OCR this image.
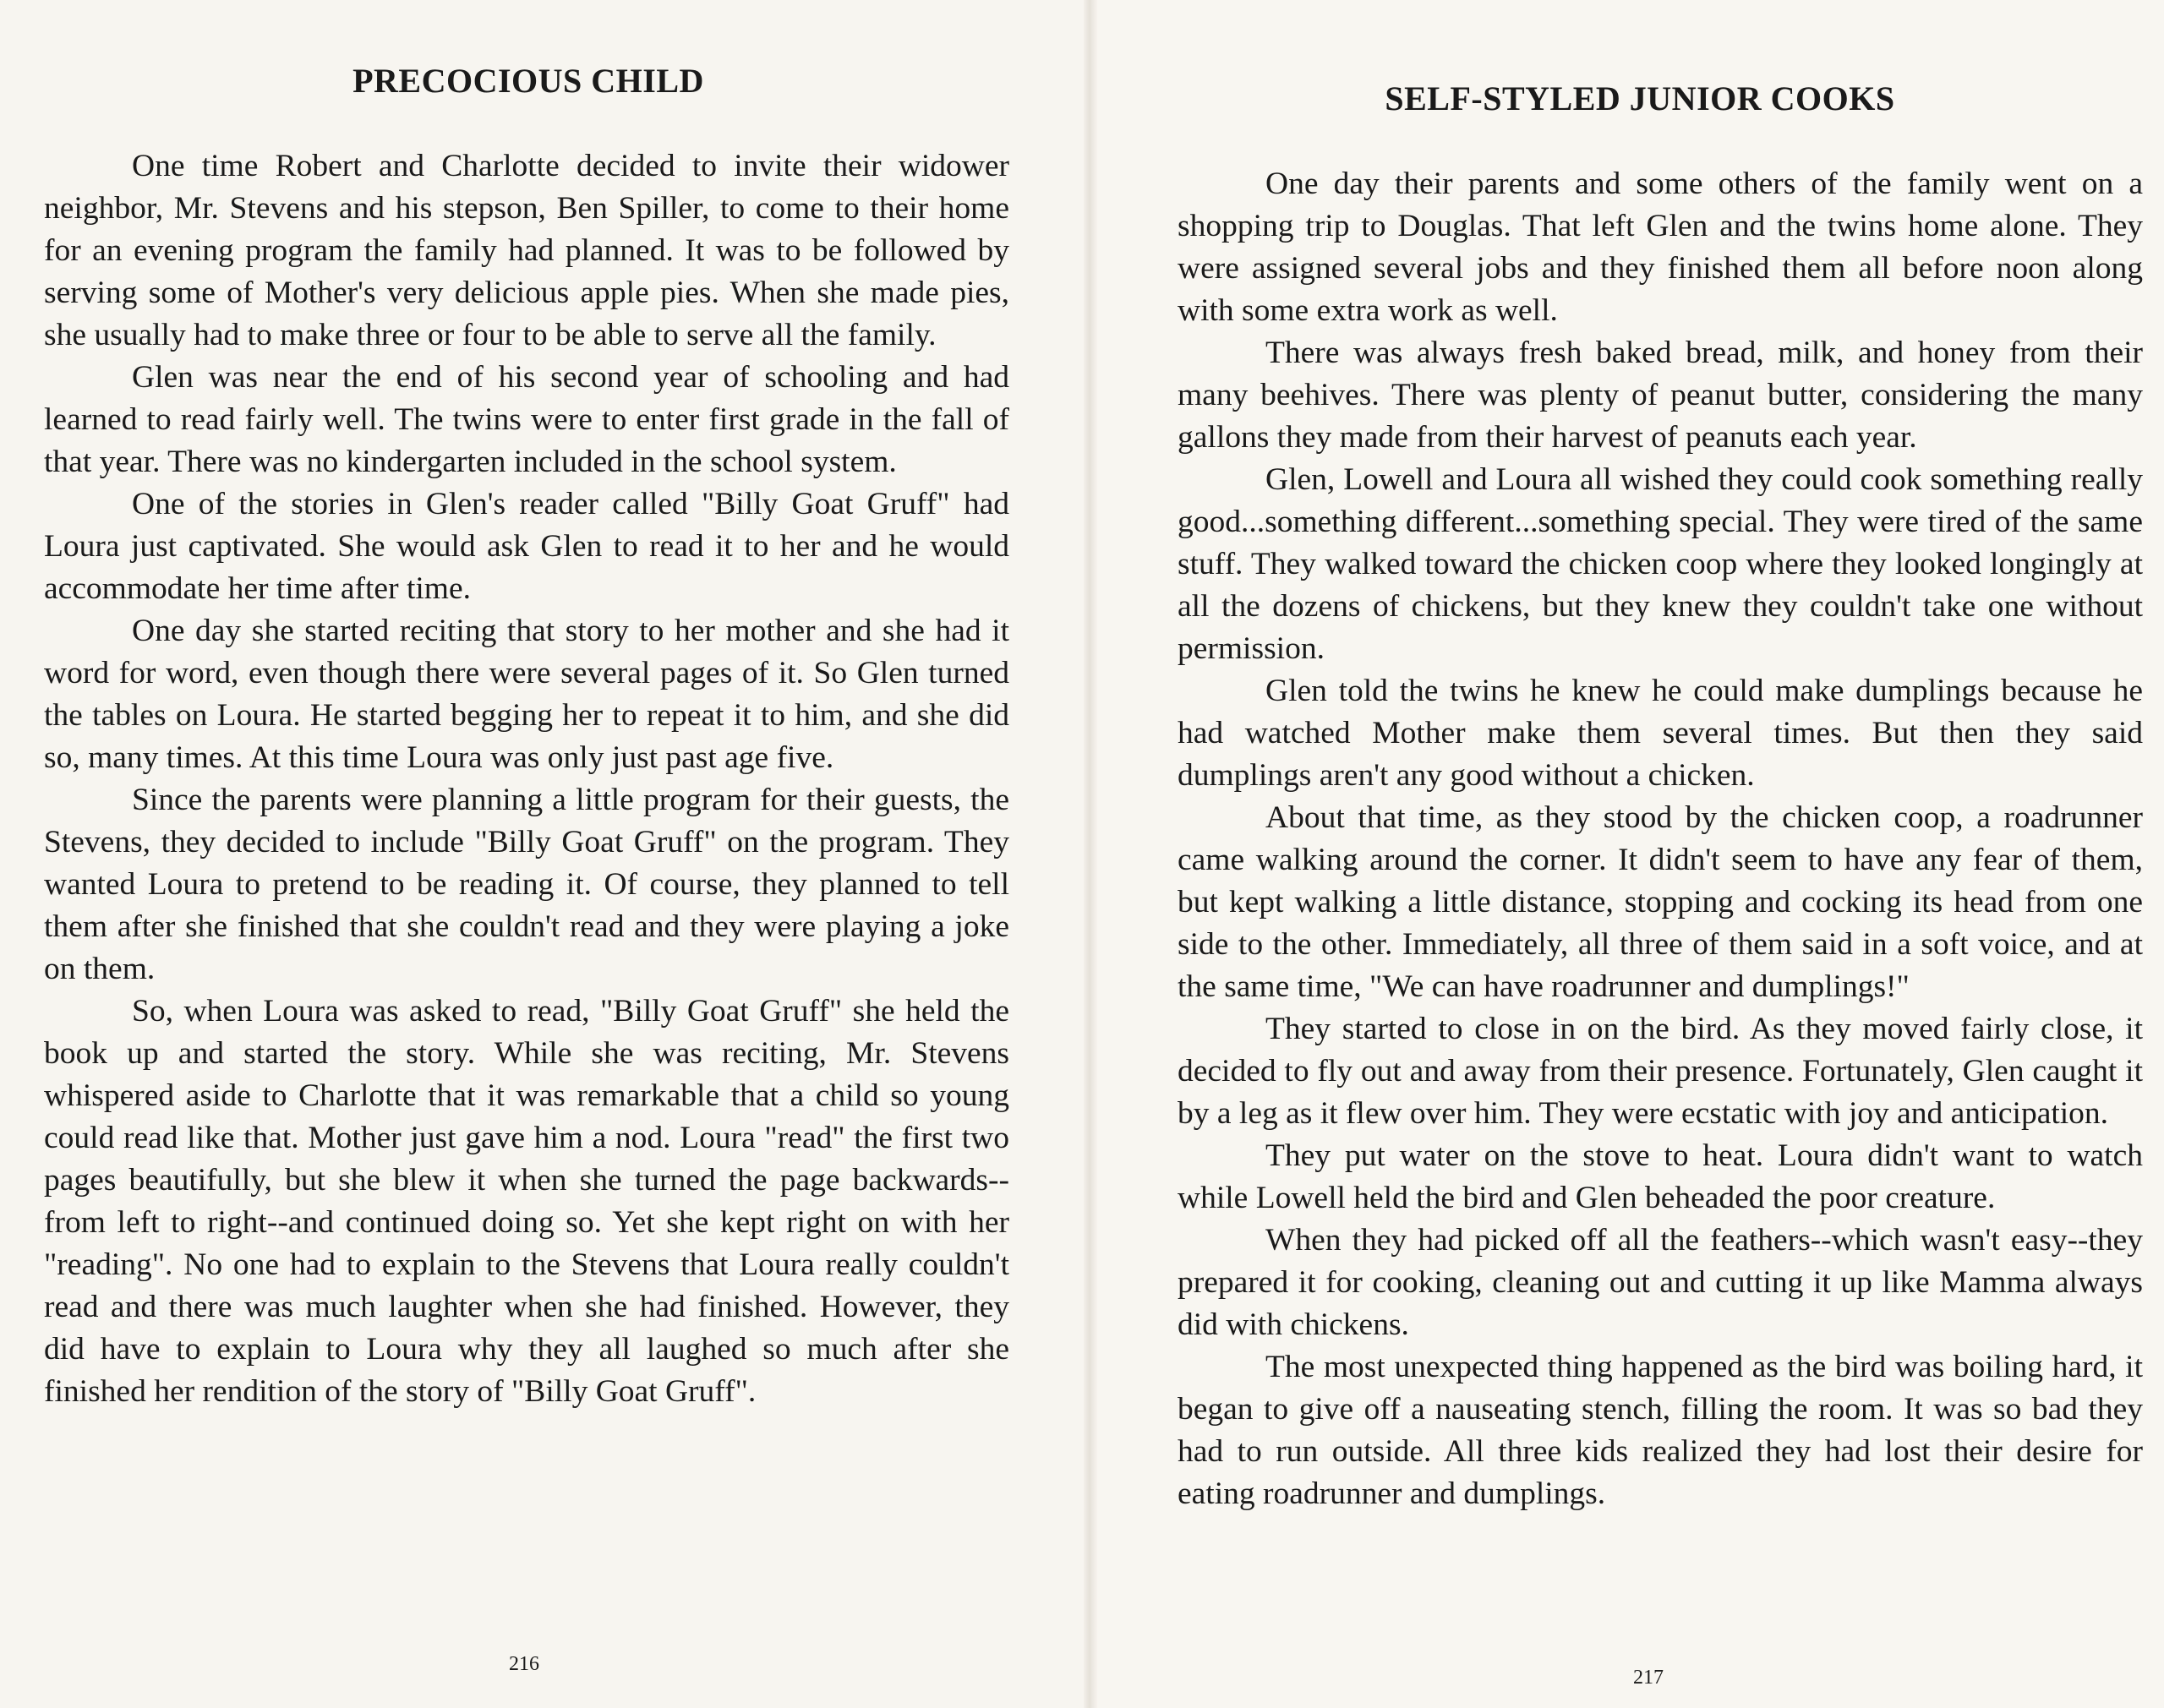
PRECOCIOUS CHILD

One time Robert and Charlotte decided to invite their widower neighbor, Mr. Stevens and his stepson, Ben Spiller, to come to their home for an evening program the family had planned. It was to be followed by serving some of Mother's very delicious apple pies. When she made pies, she usually had to make three or four to be able to serve all the family.

Glen was near the end of his second year of schooling and had learned to read fairly well. The twins were to enter first grade in the fall of that year. There was no kindergarten included in the school system.

One of the stories in Glen's reader called "Billy Goat Gruff" had Loura just captivated. She would ask Glen to read it to her and he would accommodate her time after time.

One day she started reciting that story to her mother and she had it word for word, even though there were several pages of it. So Glen turned the tables on Loura. He started begging her to repeat it to him, and she did so, many times. At this time Loura was only just past age five.

Since the parents were planning a little program for their guests, the Stevens, they decided to include "Billy Goat Gruff" on the program. They wanted Loura to pretend to be reading it. Of course, they planned to tell them after she finished that she couldn't read and they were playing a joke on them.

So, when Loura was asked to read, "Billy Goat Gruff" she held the book up and started the story. While she was reciting, Mr. Stevens whispered aside to Charlotte that it was remarkable that a child so young could read like that. Mother just gave him a nod. Loura "read" the first two pages beautifully, but she blew it when she turned the page backwards--from left to right--and continued doing so. Yet she kept right on with her "reading". No one had to explain to the Stevens that Loura really couldn't read and there was much laughter when she had finished. However, they did have to explain to Loura why they all laughed so much after she finished her rendition of the story of "Billy Goat Gruff".

216
SELF-STYLED JUNIOR COOKS

One day their parents and some others of the family went on a shopping trip to Douglas. That left Glen and the twins home alone. They were assigned several jobs and they finished them all before noon along with some extra work as well.

There was always fresh baked bread, milk, and honey from their many beehives. There was plenty of peanut butter, considering the many gallons they made from their harvest of peanuts each year.

Glen, Lowell and Loura all wished they could cook something really good...something different...something special. They were tired of the same stuff. They walked toward the chicken coop where they looked longingly at all the dozens of chickens, but they knew they couldn't take one without permission.

Glen told the twins he knew he could make dumplings because he had watched Mother make them several times. But then they said dumplings aren't any good without a chicken.

About that time, as they stood by the chicken coop, a roadrunner came walking around the corner. It didn't seem to have any fear of them, but kept walking a little distance, stopping and cocking its head from one side to the other. Immediately, all three of them said in a soft voice, and at the same time, "We can have roadrunner and dumplings!"

They started to close in on the bird. As they moved fairly close, it decided to fly out and away from their presence. Fortunately, Glen caught it by a leg as it flew over him. They were ecstatic with joy and anticipation.

They put water on the stove to heat. Loura didn't want to watch while Lowell held the bird and Glen beheaded the poor creature.

When they had picked off all the feathers--which wasn't easy--they prepared it for cooking, cleaning out and cutting it up like Mamma always did with chickens.

The most unexpected thing happened as the bird was boiling hard, it began to give off a nauseating stench, filling the room. It was so bad they had to run outside. All three kids realized they had lost their desire for eating roadrunner and dumplings.

217
